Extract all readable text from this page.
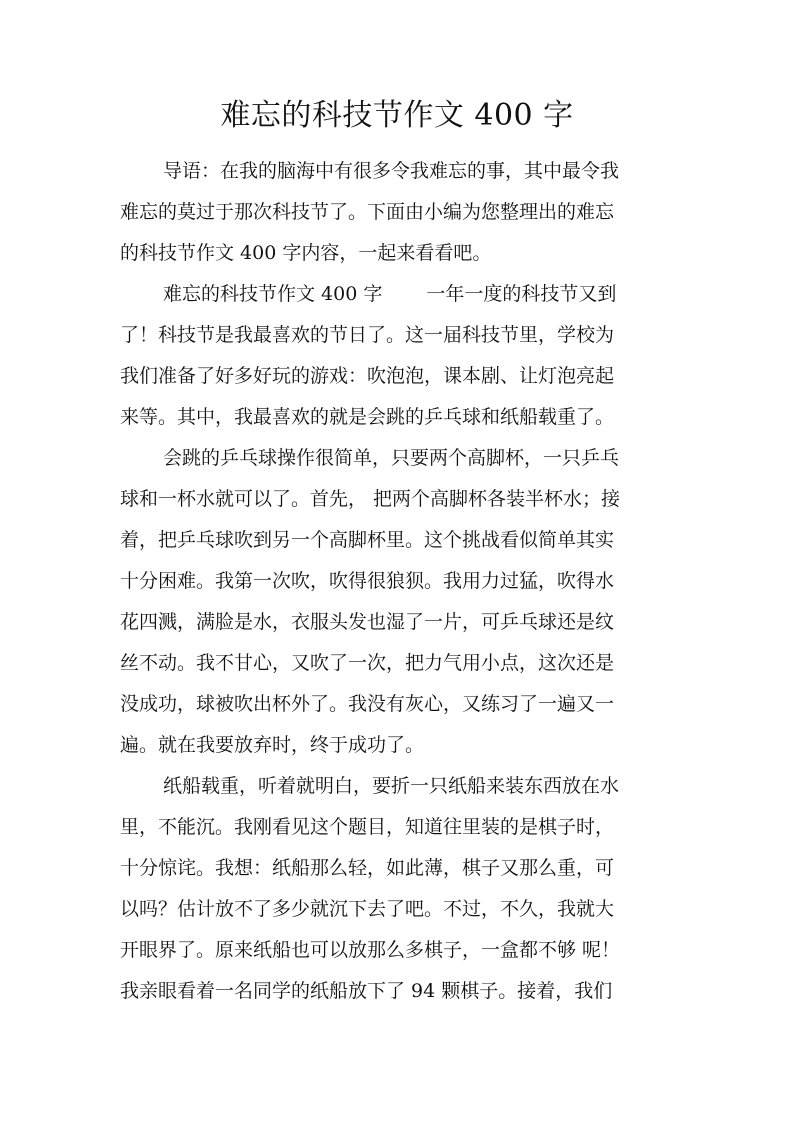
难忘的科技节作文 400 字
导语：在我的脑海中有很多令我难忘的事，其中最令我
难忘的莫过于那次科技节了。下面由小编为您整理出的难忘
的科技节作文 400 字内容，一起来看看吧。
难忘的科技节作文 400 字 一年一度的科技节又到
了！科技节是我最喜欢的节日了。这一届科技节里，学校为
我们准备了好多好玩的游戏：吹泡泡，课本剧、让灯泡亮起
来等。其中，我最喜欢的就是会跳的乒乓球和纸船载重了。
会跳的乒乓球操作很简单，只要两个高脚杯，一只乒乓
球和一杯水就可以了。首先， 把两个高脚杯各装半杯水；接
着，把乒乓球吹到另一个高脚杯里。这个挑战看似简单其实
十分困难。我第一次吹，吹得很狼狈。我用力过猛，吹得水
花四溅，满脸是水，衣服头发也湿了一片，可乒乓球还是纹
丝不动。我不甘心，又吹了一次，把力气用小点，这次还是
没成功，球被吹出杯外了。我没有灰心，又练习了一遍又一
遍。就在我要放弃时，终于成功了。
纸船载重，听着就明白，要折一只纸船来装东西放在水
里，不能沉。我刚看见这个题目，知道往里装的是棋子时，
十分惊诧。我想：纸船那么轻，如此薄，棋子又那么重，可
以吗？估计放不了多少就沉下去了吧。不过，不久，我就大
开眼界了。原来纸船也可以放那么多棋子，一盒都不够 呢！
我亲眼看着一名同学的纸船放下了 94 颗棋子。接着，我们
